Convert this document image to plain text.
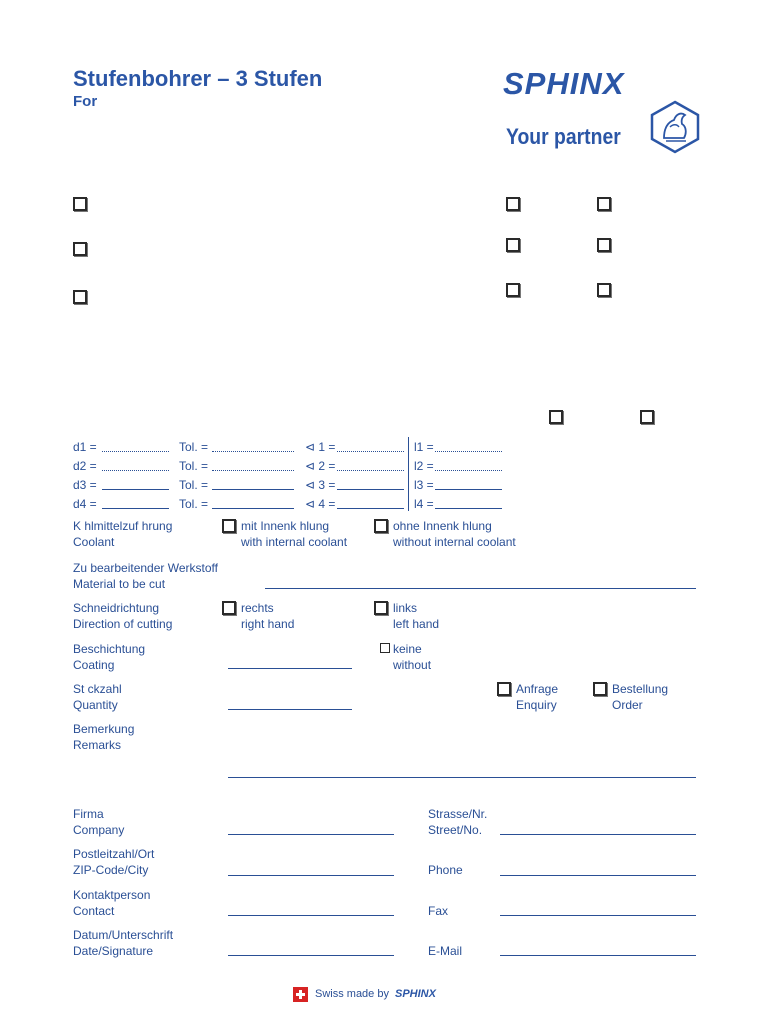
Stufenbohrer – 3 Stufen
For
SPHINX
Your partner
d1 =	Tol. =	⊲ 1 =	l1 =
d2 =	Tol. =	⊲ 2 =	l2 =
d3 =	Tol. =	⊲ 3 =	l3 =
d4 =	Tol. =	⊲ 4 =	l4 =
K hlmittelzuf hrung
Coolant
mit Innenk hlung
with internal coolant
ohne Innenk hlung
without internal coolant
Zu bearbeitender Werkstoff
Material to be cut
Schneidrichtung
Direction of cutting
rechts
right hand
links
left hand
Beschichtung
Coating
keine
without
St ckzahl
Quantity
Anfrage
Enquiry
Bestellung
Order
Bemerkung
Remarks
Firma
Company
Strasse/Nr.
Street/No.
Postleitzahl/Ort
ZIP-Code/City	Phone
Kontaktperson
Contact	Fax
Datum/Unterschrift
Date/Signature	E-Mail
Swiss made by SPHINX
